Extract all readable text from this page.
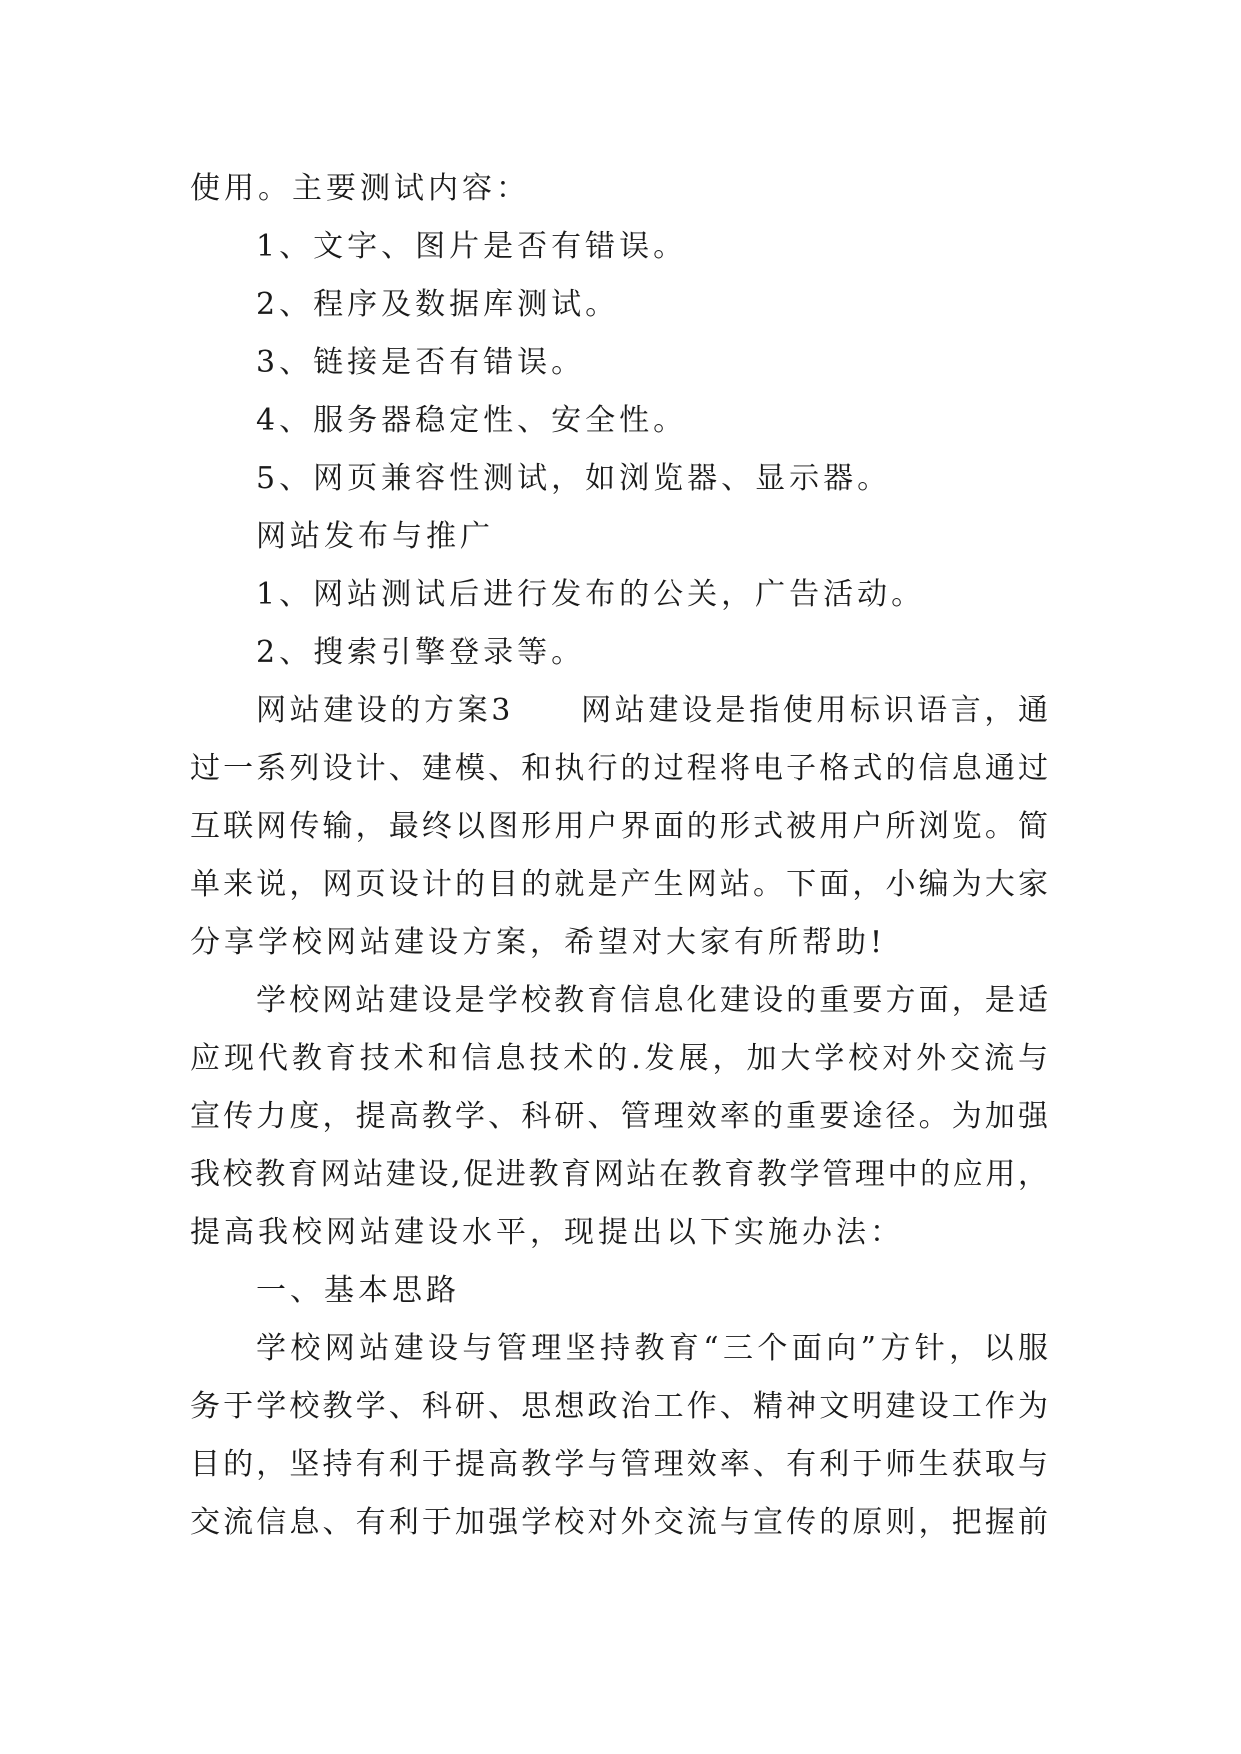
使用。主要测试内容：
1、文字、图片是否有错误。
2、程序及数据库测试。
3、链接是否有错误。
4、服务器稳定性、安全性。
5、网页兼容性测试，如浏览器、显示器。
网站发布与推广
1、网站测试后进行发布的公关，广告活动。
2、搜索引擎登录等。
网站建设的方案3　　网站建设是指使用标识语言，通
过一系列设计、建模、和执行的过程将电子格式的信息通过
互联网传输，最终以图形用户界面的形式被用户所浏览。简
单来说，网页设计的目的就是产生网站。下面，小编为大家
分享学校网站建设方案，希望对大家有所帮助!
学校网站建设是学校教育信息化建设的重要方面，是适
应现代教育技术和信息技术的.发展，加大学校对外交流与
宣传力度，提高教学、科研、管理效率的重要途径。为加强
我校教育网站建设,促进教育网站在教育教学管理中的应用，
提高我校网站建设水平，现提出以下实施办法：
一、基本思路
学校网站建设与管理坚持教育“三个面向”方针，以服
务于学校教学、科研、思想政治工作、精神文明建设工作为
目的，坚持有利于提高教学与管理效率、有利于师生获取与
交流信息、有利于加强学校对外交流与宣传的原则，把握前
